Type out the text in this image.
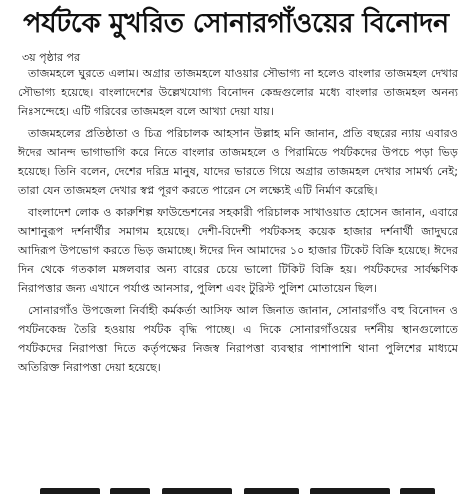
পর্যটকে মুখরিত সোনারগাঁওয়ের বিনোদন
৩য় পৃষ্ঠার পর

তাজমহলে ঘুরতে এলাম। অগ্রার তাজমহলে যাওয়ার সৌভাগ্য না হলেও বাংলার তাজমহল দেখার সৌভাগ্য হয়েছে। বাংলাদেশের উল্লেখযোগ্য বিনোদন কেন্দ্রগুলোর মধ্যে বাংলার তাজমহল অনন্য নিঃসন্দেহে। এটি গরিবের তাজমহল বলে আখ্যা দেয়া যায়।

তাজমহলের প্রতিষ্ঠাতা ও চিত্র পরিচালক আহসান উল্লাহ মনি জানান, প্রতি বছরের ন্যায় এবারও ঈদের আনন্দ ভাগাভাগি করে নিতে বাংলার তাজমহলে ও পিরামিডে পর্যটকদের উপচে পড়া ভিড় হয়েছে। তিনি বলেন, দেশের দরিদ্র মানুষ, যাদের ভারতে গিয়ে অগ্রার তাজমহল দেখার সামর্থ্য নেই; তারা যেন তাজমহল দেখার স্বপ্ন পূরণ করতে পারেন সে লক্ষ্যেই এটি নির্মাণ করেছি।

বাংলাদেশ লোক ও কারুশিল্প ফাউন্ডেশনের সহকারী পরিচালক সাখাওয়াত হোসেন জানান, এবারে আশানুরূপ দর্শনার্থীর সমাগম হয়েছে। দেশী-বিদেশী পর্যটকসহ কয়েক হাজার দর্শনার্থী জাদুঘরে আদিরূপ উপভোগ করতে ভিড় জমাচ্ছে। ঈদের দিন আমাদের ১০ হাজার টিকেট বিক্রি হয়েছে। ঈদের দিন থেকে গতকাল মঙ্গলবার অন্য বারের চেয়ে ভালো টিকিট বিক্রি হয়। পর্যটকদের সার্বক্ষণিক নিরাপত্তার জন্য এখানে পর্যাপ্ত আনসার, পুলিশ এবং টুরিস্ট পুলিশ মোতায়েন ছিল।

সোনারগাঁও উপজেলা নির্বাহী কর্মকর্তা আসিফ আল জিনাত জানান, সোনারগাঁও বহু বিনোদন ও পর্যটনকেন্দ্র তৈরি হওয়ায় পর্যটক বৃদ্ধি পাচ্ছে। এ দিকে সোনারগাঁওয়ের দর্শনীয় স্থানগুলোতে পর্যটকদের নিরাপত্তা দিতে কর্তৃপক্ষের নিজস্ব নিরাপত্তা ব্যবস্থার পাশাপাশি থানা পুলিশের মাধ্যমে অতিরিক্ত নিরাপত্তা দেয়া হয়েছে।
